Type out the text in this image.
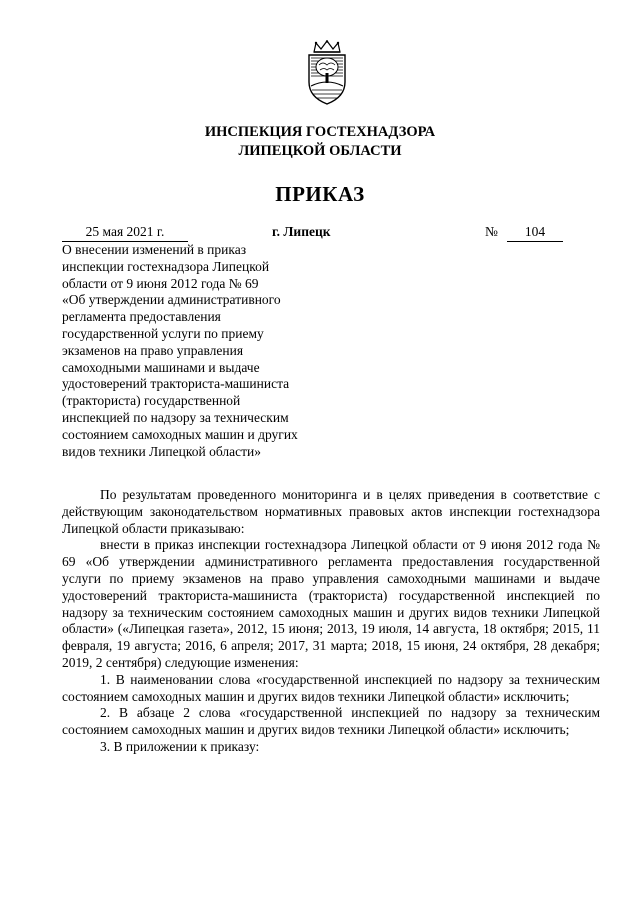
ИНСПЕКЦИЯ ГОСТЕХНАДЗОРА
ЛИПЕЦКОЙ ОБЛАСТИ
ПРИКАЗ
25 мая 2021 г.	г. Липецк	№	104
О внесении изменений в приказ
инспекции гостехнадзора Липецкой
области от 9 июня 2012 года № 69
«Об утверждении административного
регламента предоставления
государственной услуги по приему
экзаменов на право управления
самоходными машинами и выдаче
удостоверений тракториста-машиниста
(тракториста) государственной
инспекцией по надзору за техническим
состоянием самоходных машин и других
видов техники Липецкой области»

По результатам проведенного мониторинга и в целях приведения в соответствие с действующим законодательством нормативных правовых актов инспекции гостехнадзора Липецкой области приказываю:

внести в приказ инспекции гостехнадзора Липецкой области от 9 июня 2012 года № 69 «Об утверждении административного регламента предоставления государственной услуги по приему экзаменов на право управления самоходными машинами и выдаче удостоверений тракториста-машиниста (тракториста) государственной инспекцией по надзору за техническим состоянием самоходных машин и других видов техники Липецкой области» («Липецкая газета», 2012, 15 июня; 2013, 19 июля, 14 августа, 18 октября; 2015, 11 февраля, 19 августа; 2016, 6 апреля; 2017, 31 марта; 2018, 15 июня, 24 октября, 28 декабря; 2019, 2 сентября) следующие изменения:

1. В наименовании слова «государственной инспекцией по надзору за техническим состоянием самоходных машин и других видов техники Липецкой области» исключить;

2. В абзаце 2 слова «государственной инспекцией по надзору за техническим состоянием самоходных машин и других видов техники Липецкой области» исключить;

3. В приложении к приказу:
